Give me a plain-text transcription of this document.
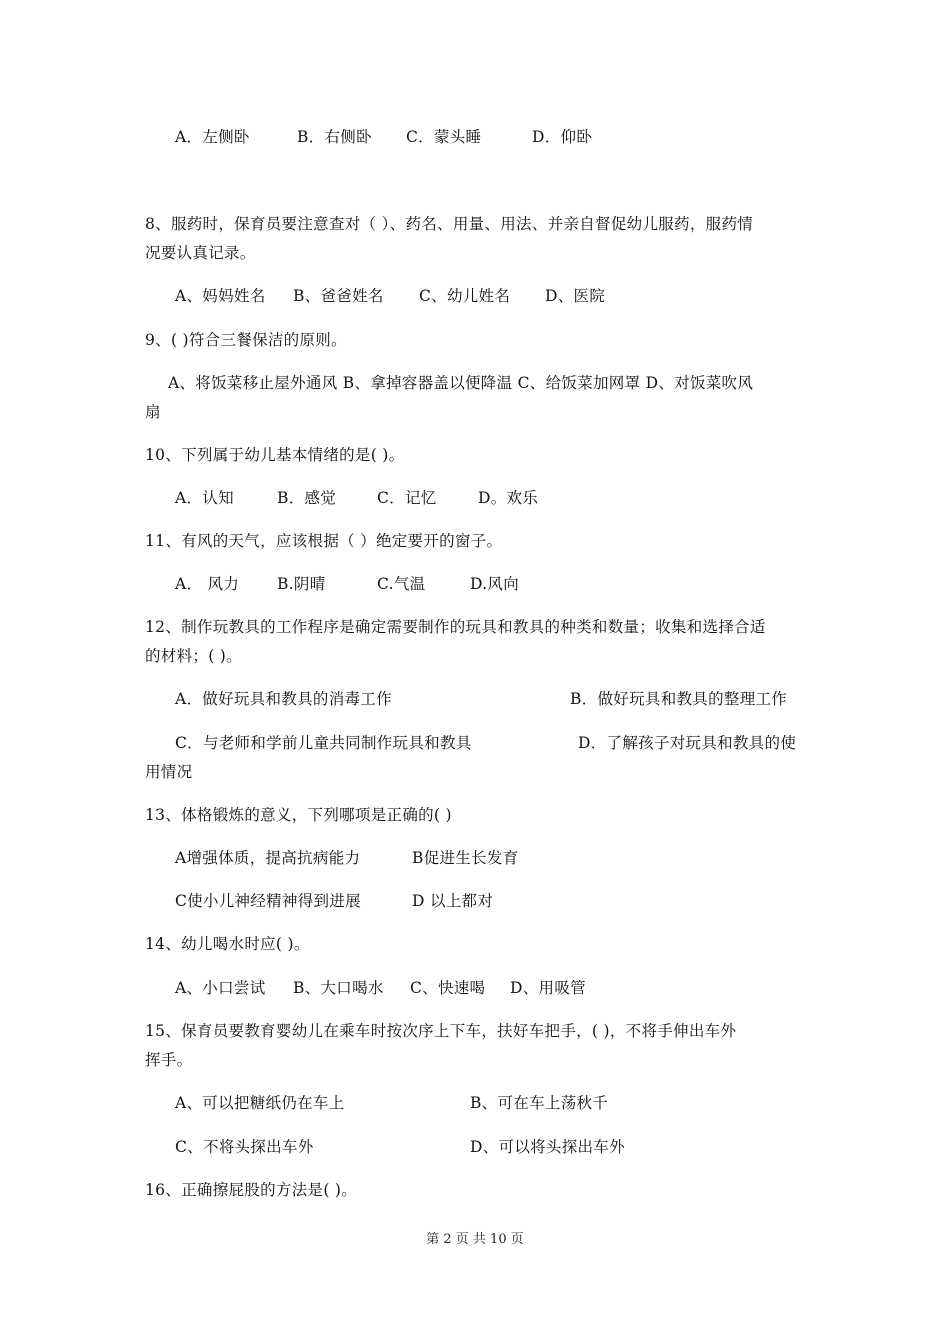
A．左侧卧	B．右侧卧 C．蒙头睡	D．仰卧
8、服药时，保育员要注意查对（ ）、药名、用量、用法、并亲自督促幼儿服药，服药情
况要认真记录。
A、妈妈姓名 B、爸爸姓名 C、幼儿姓名 D、医院
9、( )符合三餐保洁的原则。
A、将饭菜移止屋外通风 B、拿掉容器盖以便降温 C、给饭菜加网罩 D、对饭菜吹风
扇
10、下列属于幼儿基本情绪的是( )。
A．认知	B．感觉	C．记忆	D。欢乐
11、有风的天气，应该根据（ ）绝定要开的窗子。
A． 风力 B.阴晴	C.气温	D.风向
12、制作玩教具的工作程序是确定需要制作的玩具和教具的种类和数量；收集和选择合适
的材料；( )。
A．做好玩具和教具的消毒工作	B．做好玩具和教具的整理工作
C．与老师和学前儿童共同制作玩具和教具	D．了解孩子对玩具和教具的使
用情况
13、体格锻炼的意义，下列哪项是正确的( )
A增强体质，提高抗病能力	B促进生长发育
C使小儿神经精神得到进展	D 以上都对
14、幼儿喝水时应( )。
A、小口尝试 B、大口喝水 C、快速喝 D、用吸管
15、保育员要教育婴幼儿在乘车时按次序上下车，扶好车把手，( )，不将手伸出车外
挥手。
A、可以把糖纸仍在车上	B、可在车上荡秋千
C、不将头探出车外	D、可以将头探出车外
16、正确擦屁股的方法是( )。
第 2 页 共 10 页
